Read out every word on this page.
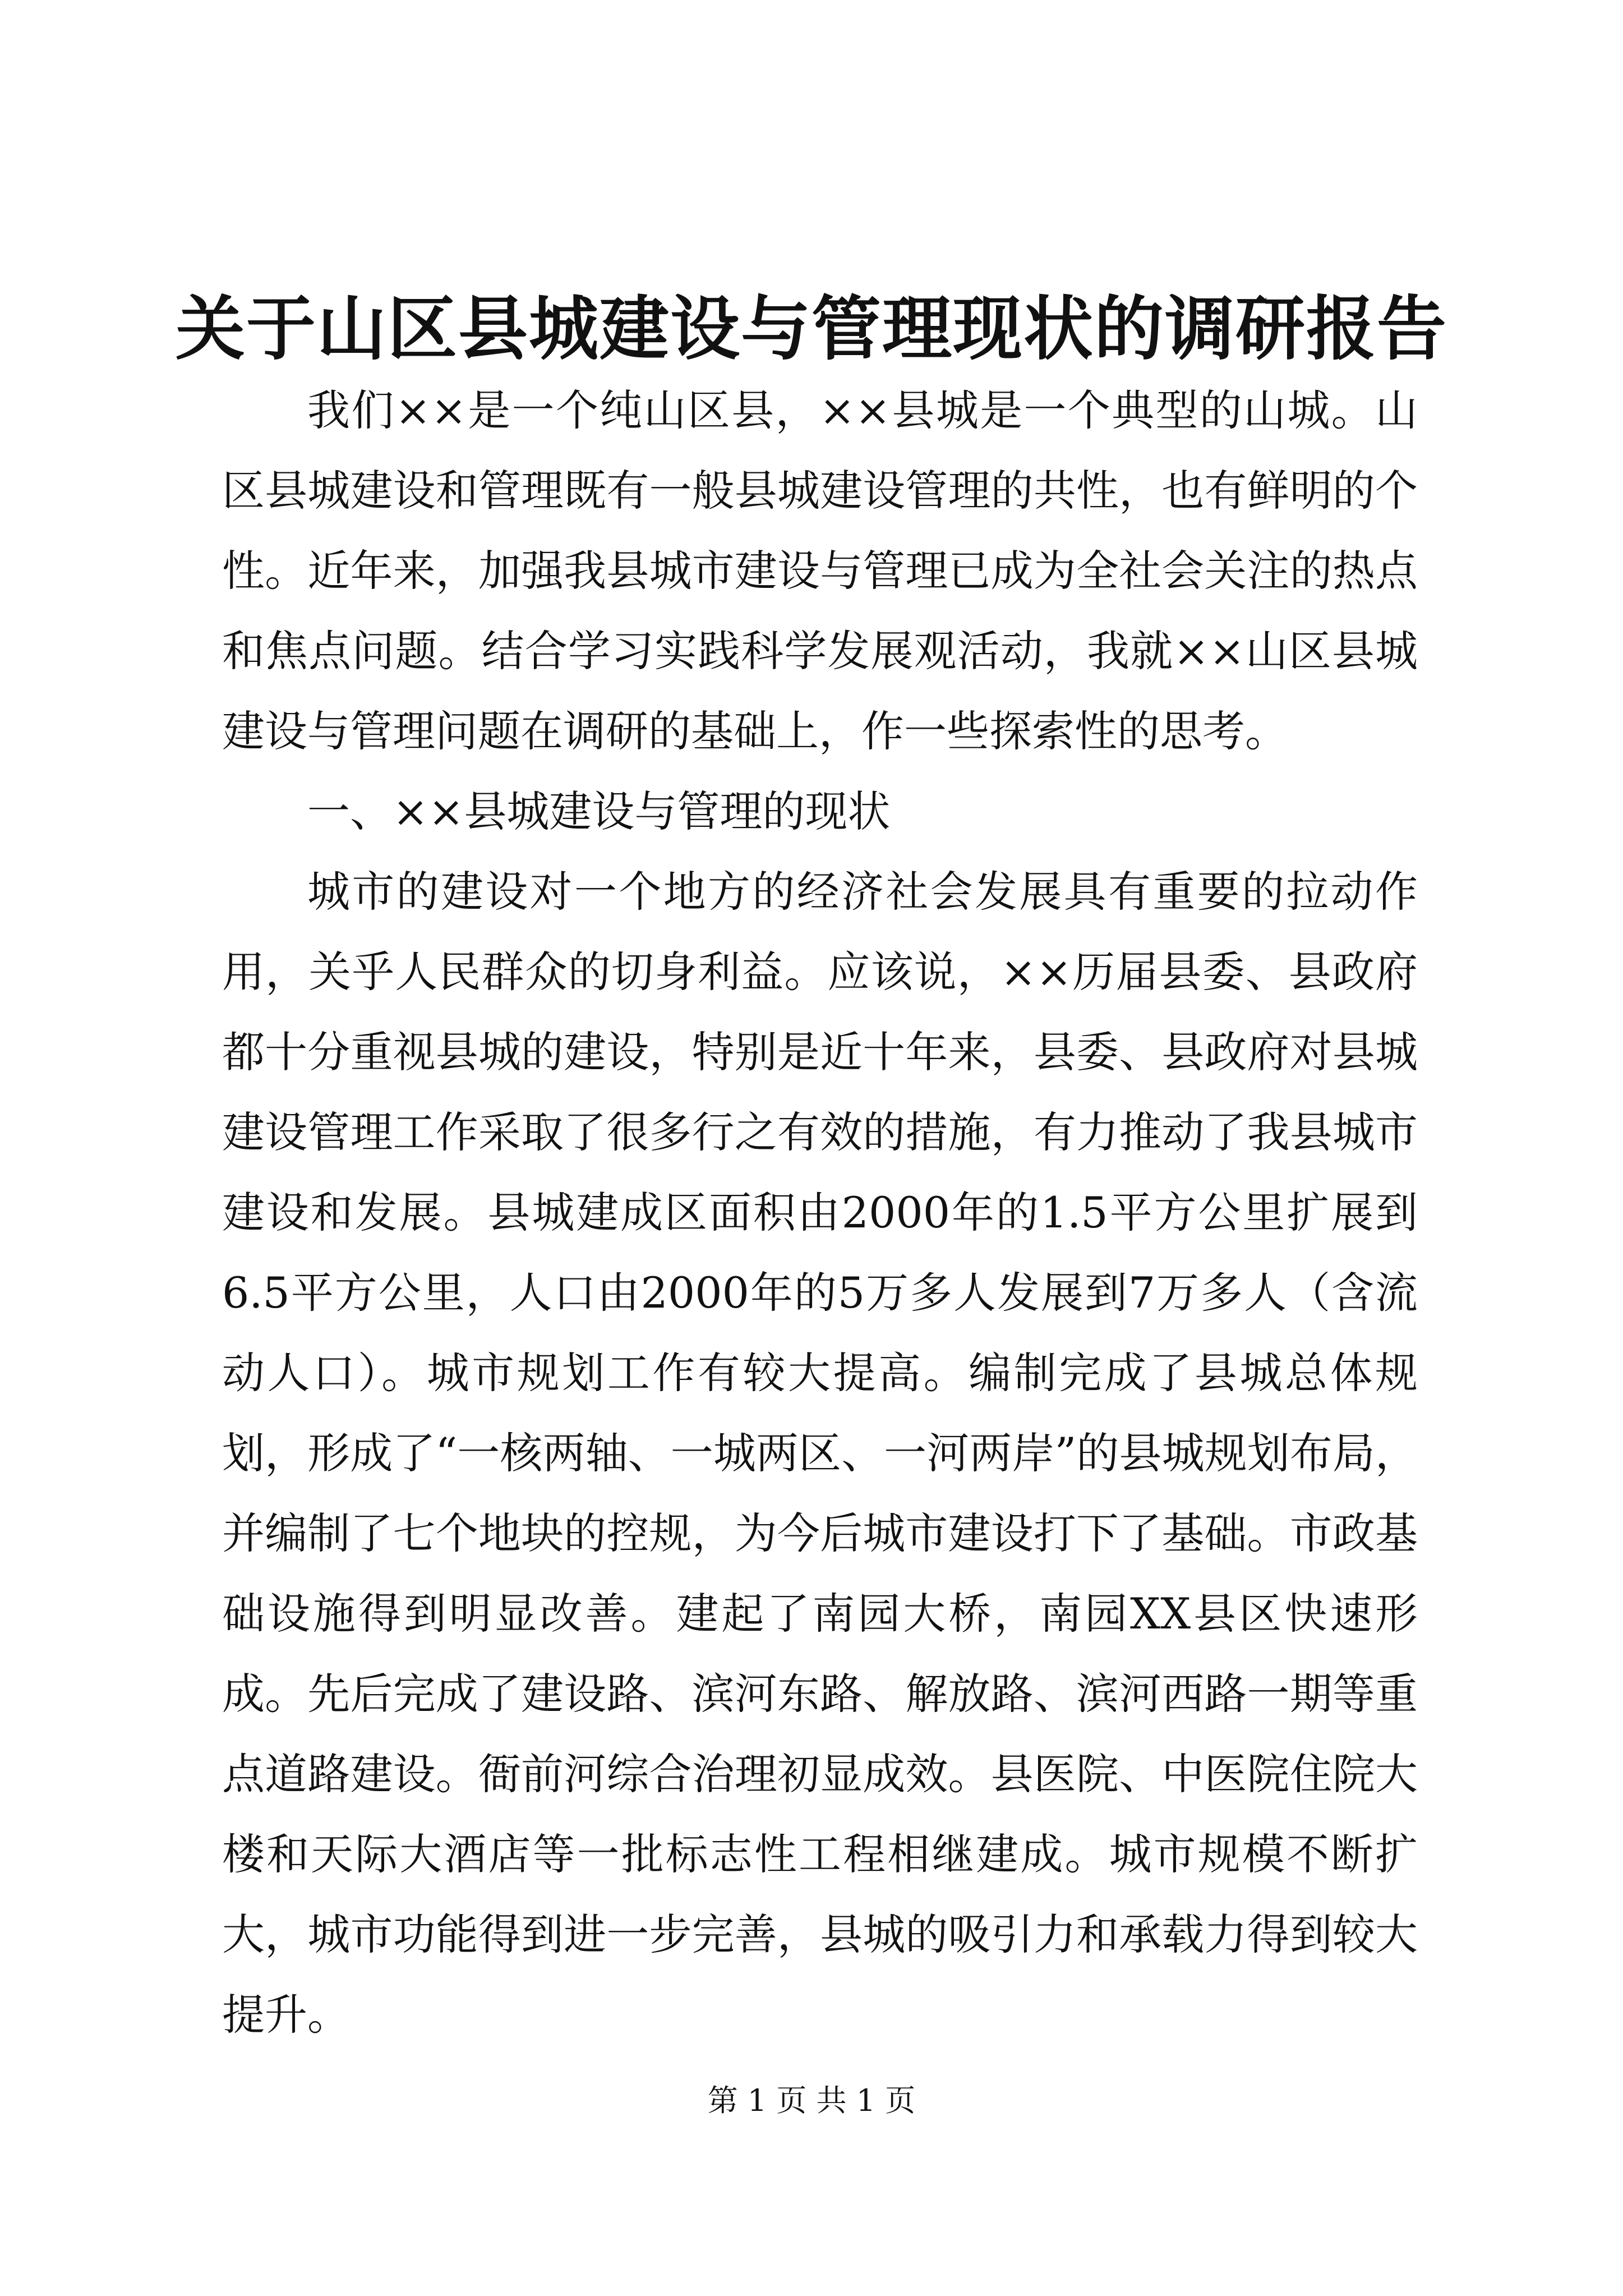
关于山区县城建设与管理现状的调研报告

我们××是一个纯山区县，××县城是一个典型的山城。山区县城建设和管理既有一般县城建设管理的共性，也有鲜明的个性。近年来，加强我县城市建设与管理已成为全社会关注的热点和焦点问题。结合学习实践科学发展观活动，我就××山区县城建设与管理问题在调研的基础上，作一些探索性的思考。

一、××县城建设与管理的现状

城市的建设对一个地方的经济社会发展具有重要的拉动作用，关乎人民群众的切身利益。应该说，××历届县委、县政府都十分重视县城的建设，特别是近十年来，县委、县政府对县城建设管理工作采取了很多行之有效的措施，有力推动了我县城市建设和发展。县城建成区面积由2000年的1.5平方公里扩展到6.5平方公里，人口由2000年的5万多人发展到7万多人（含流动人口）。城市规划工作有较大提高。编制完成了县城总体规划，形成了“一核两轴、一城两区、一河两岸”的县城规划布局，并编制了七个地块的控规，为今后城市建设打下了基础。市政基础设施得到明显改善。建起了南园大桥，南园XX县区快速形成。先后完成了建设路、滨河东路、解放路、滨河西路一期等重点道路建设。衙前河综合治理初显成效。县医院、中医院住院大楼和天际大酒店等一批标志性工程相继建成。城市规模不断扩大，城市功能得到进一步完善，县城的吸引力和承载力得到较大提升。

第 1 页 共 1 页
